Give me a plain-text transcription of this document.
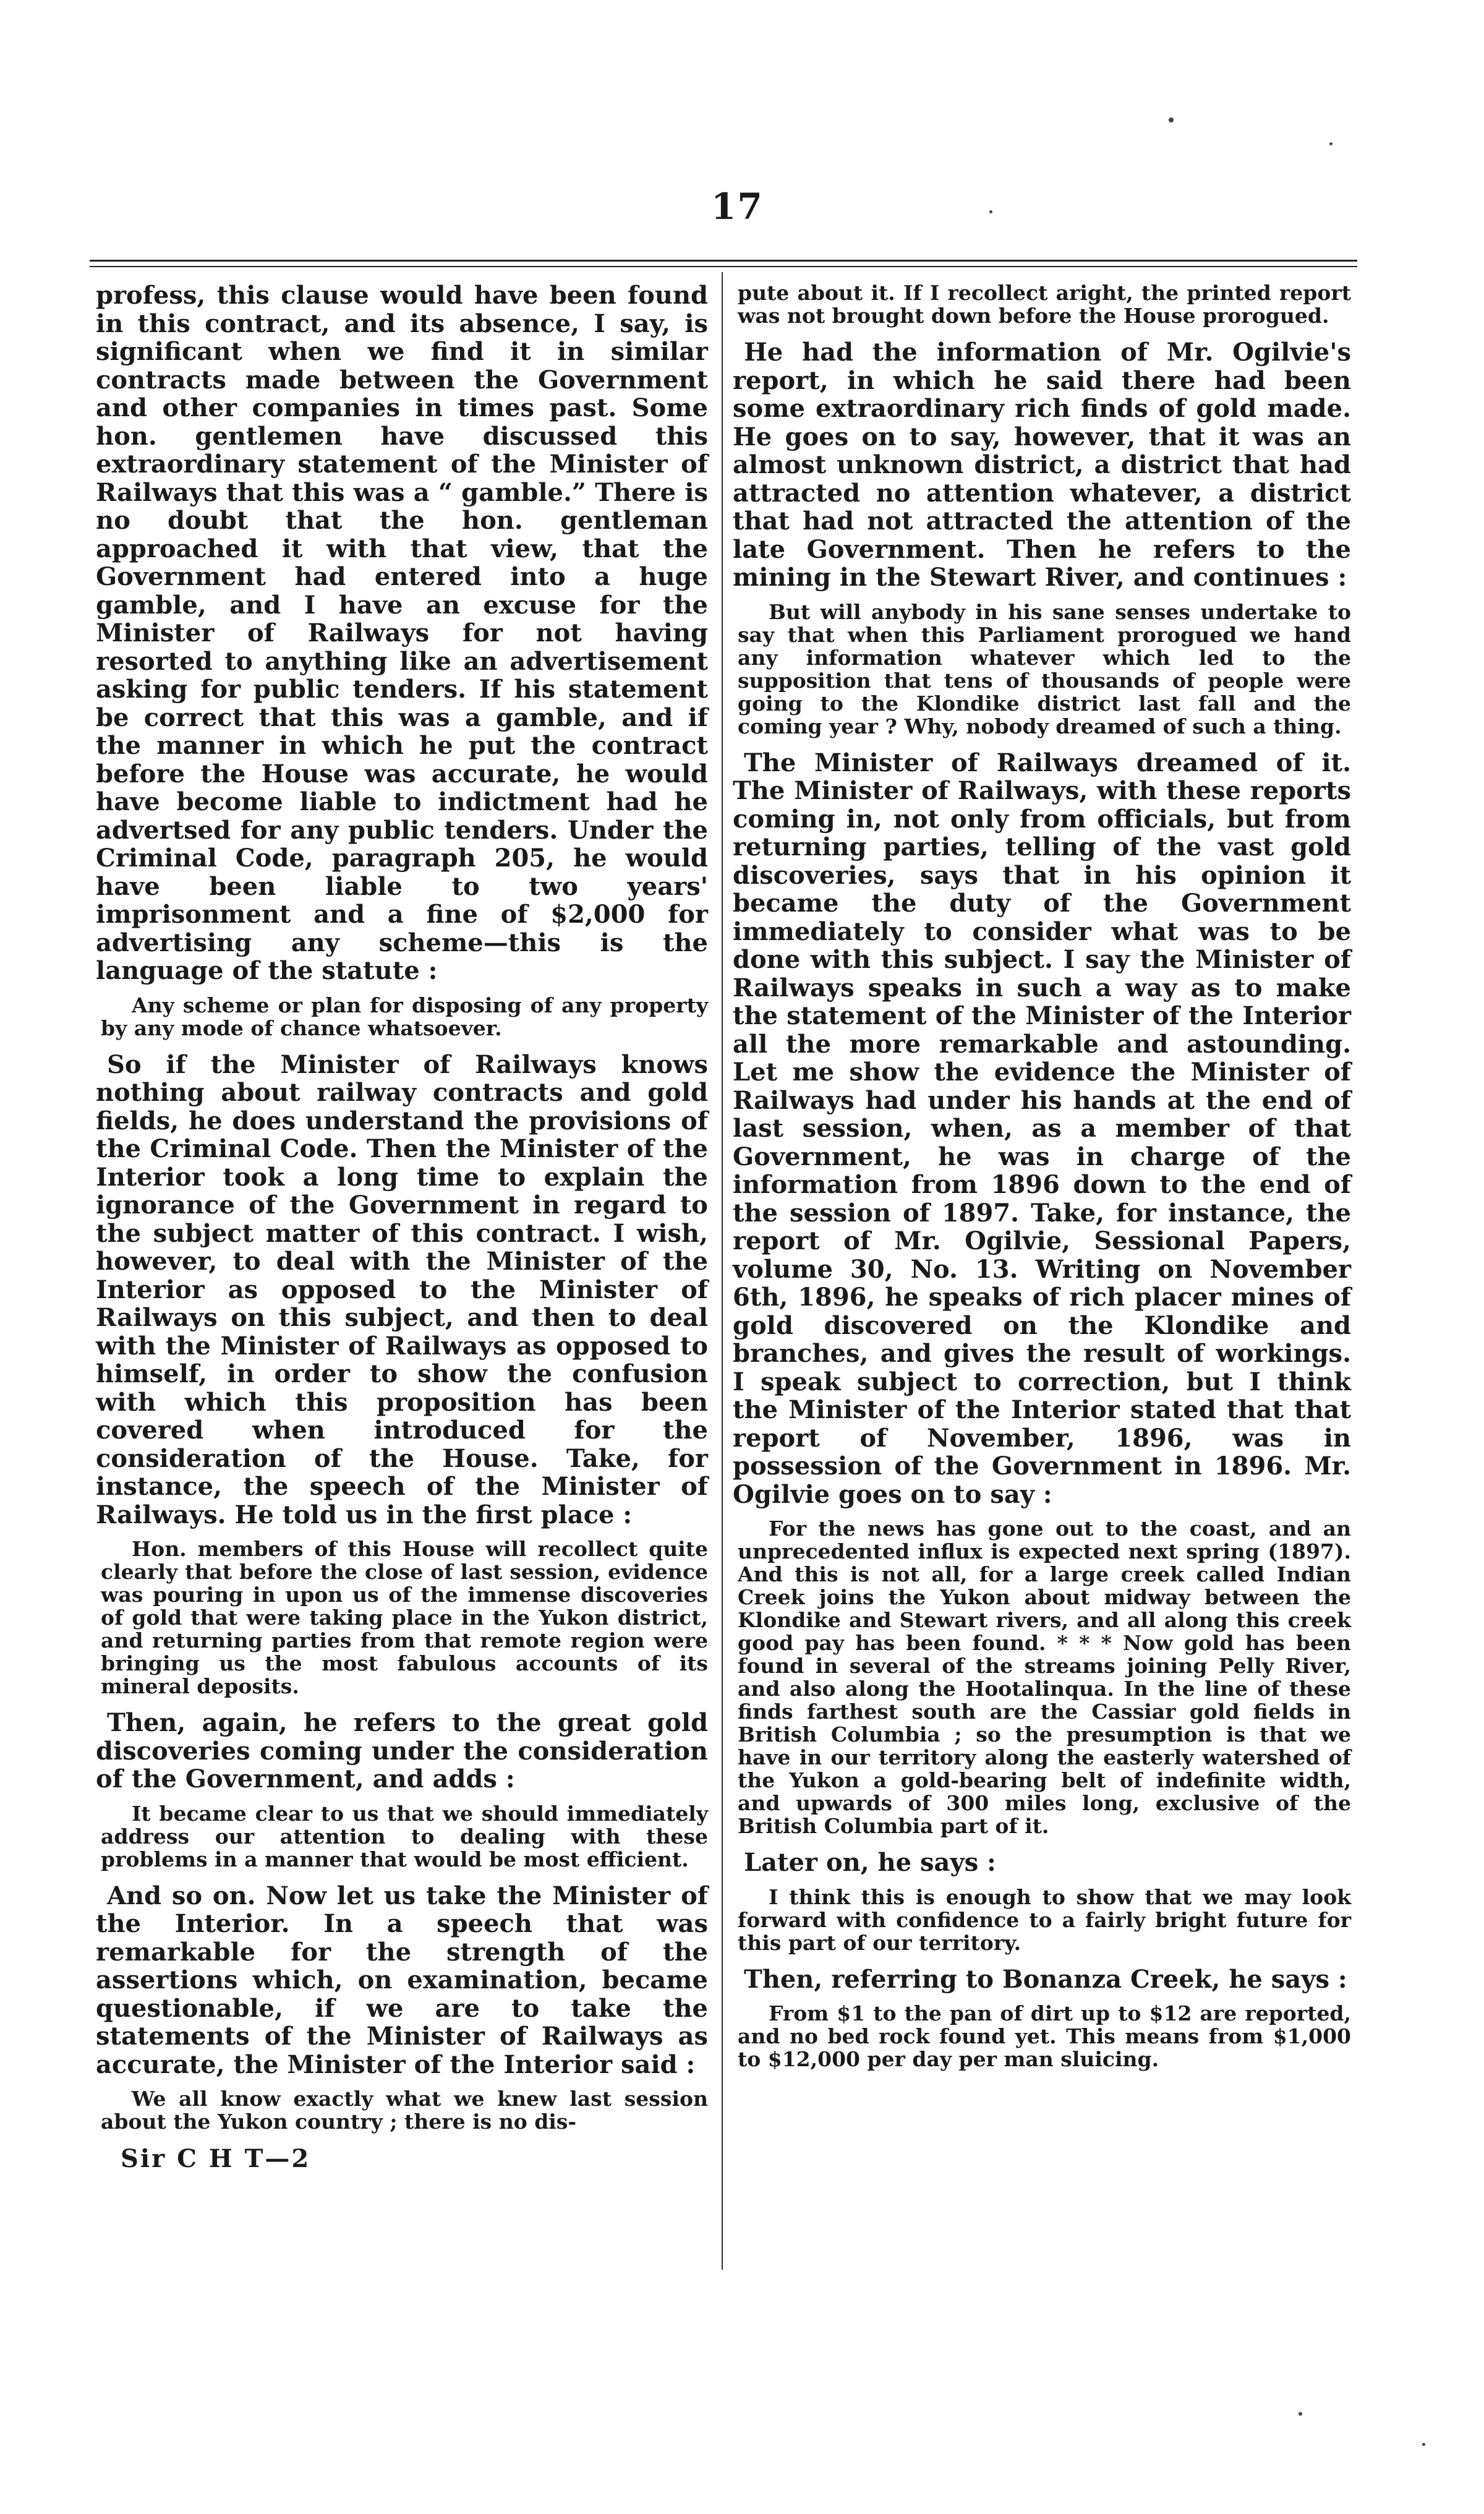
17

profess, this clause would have been found in this contract, and its absence, I say, is significant when we find it in similar contracts made between the Government and other companies in times past. Some hon. gentlemen have discussed this extraordinary statement of the Minister of Railways that this was a “ gamble.” There is no doubt that the hon. gentleman approached it with that view, that the Government had entered into a huge gamble, and I have an excuse for the Minister of Railways for not having resorted to anything like an advertisement asking for public tenders. If his statement be correct that this was a gamble, and if the manner in which he put the contract before the House was accurate, he would have become liable to indictment had he advertsed for any public tenders. Under the Criminal Code, paragraph 205, he would have been liable to two years' imprisonment and a fine of $2,000 for advertising any scheme—this is the language of the statute :

Any scheme or plan for disposing of any property by any mode of chance whatsoever.

So if the Minister of Railways knows nothing about railway contracts and gold fields, he does understand the provisions of the Criminal Code. Then the Minister of the Interior took a long time to explain the ignorance of the Government in regard to the subject matter of this contract. I wish, however, to deal with the Minister of the Interior as opposed to the Minister of Railways on this subject, and then to deal with the Minister of Railways as opposed to himself, in order to show the confusion with which this proposition has been covered when introduced for the consideration of the House. Take, for instance, the speech of the Minister of Railways. He told us in the first place :

Hon. members of this House will recollect quite clearly that before the close of last session, evidence was pouring in upon us of the immense discoveries of gold that were taking place in the Yukon district, and returning parties from that remote region were bringing us the most fabulous accounts of its mineral deposits.

Then, again, he refers to the great gold discoveries coming under the consideration of the Government, and adds :

It became clear to us that we should immediately address our attention to dealing with these problems in a manner that would be most efficient.

And so on. Now let us take the Minister of the Interior. In a speech that was remarkable for the strength of the assertions which, on examination, became questionable, if we are to take the statements of the Minister of Railways as accurate, the Minister of the Interior said :

We all know exactly what we knew last session about the Yukon country ; there is no dis-

Sir C H T—2

pute about it. If I recollect aright, the printed report was not brought down before the House prorogued.

He had the information of Mr. Ogilvie's report, in which he said there had been some extraordinary rich finds of gold made. He goes on to say, however, that it was an almost unknown district, a district that had attracted no attention whatever, a district that had not attracted the attention of the late Government. Then he refers to the mining in the Stewart River, and continues :

But will anybody in his sane senses undertake to say that when this Parliament prorogued we hand any information whatever which led to the supposition that tens of thousands of people were going to the Klondike district last fall and the coming year ? Why, nobody dreamed of such a thing.

The Minister of Railways dreamed of it. The Minister of Railways, with these reports coming in, not only from officials, but from returning parties, telling of the vast gold discoveries, says that in his opinion it became the duty of the Government immediately to consider what was to be done with this subject. I say the Minister of Railways speaks in such a way as to make the statement of the Minister of the Interior all the more remarkable and astounding. Let me show the evidence the Minister of Railways had under his hands at the end of last session, when, as a member of that Government, he was in charge of the information from 1896 down to the end of the session of 1897. Take, for instance, the report of Mr. Ogilvie, Sessional Papers, volume 30, No. 13. Writing on November 6th, 1896, he speaks of rich placer mines of gold discovered on the Klondike and branches, and gives the result of workings. I speak subject to correction, but I think the Minister of the Interior stated that that report of November, 1896, was in possession of the Government in 1896. Mr. Ogilvie goes on to say :

For the news has gone out to the coast, and an unprecedented influx is expected next spring (1897). And this is not all, for a large creek called Indian Creek joins the Yukon about midway between the Klondike and Stewart rivers, and all along this creek good pay has been found. * * * Now gold has been found in several of the streams joining Pelly River, and also along the Hootalinqua. In the line of these finds farthest south are the Cassiar gold fields in British Columbia ; so the presumption is that we have in our territory along the easterly watershed of the Yukon a gold-bearing belt of indefinite width, and upwards of 300 miles long, exclusive of the British Columbia part of it.

Later on, he says :

I think this is enough to show that we may look forward with confidence to a fairly bright future for this part of our territory.

Then, referring to Bonanza Creek, he says :

From $1 to the pan of dirt up to $12 are reported, and no bed rock found yet. This means from $1,000 to $12,000 per day per man sluicing.
